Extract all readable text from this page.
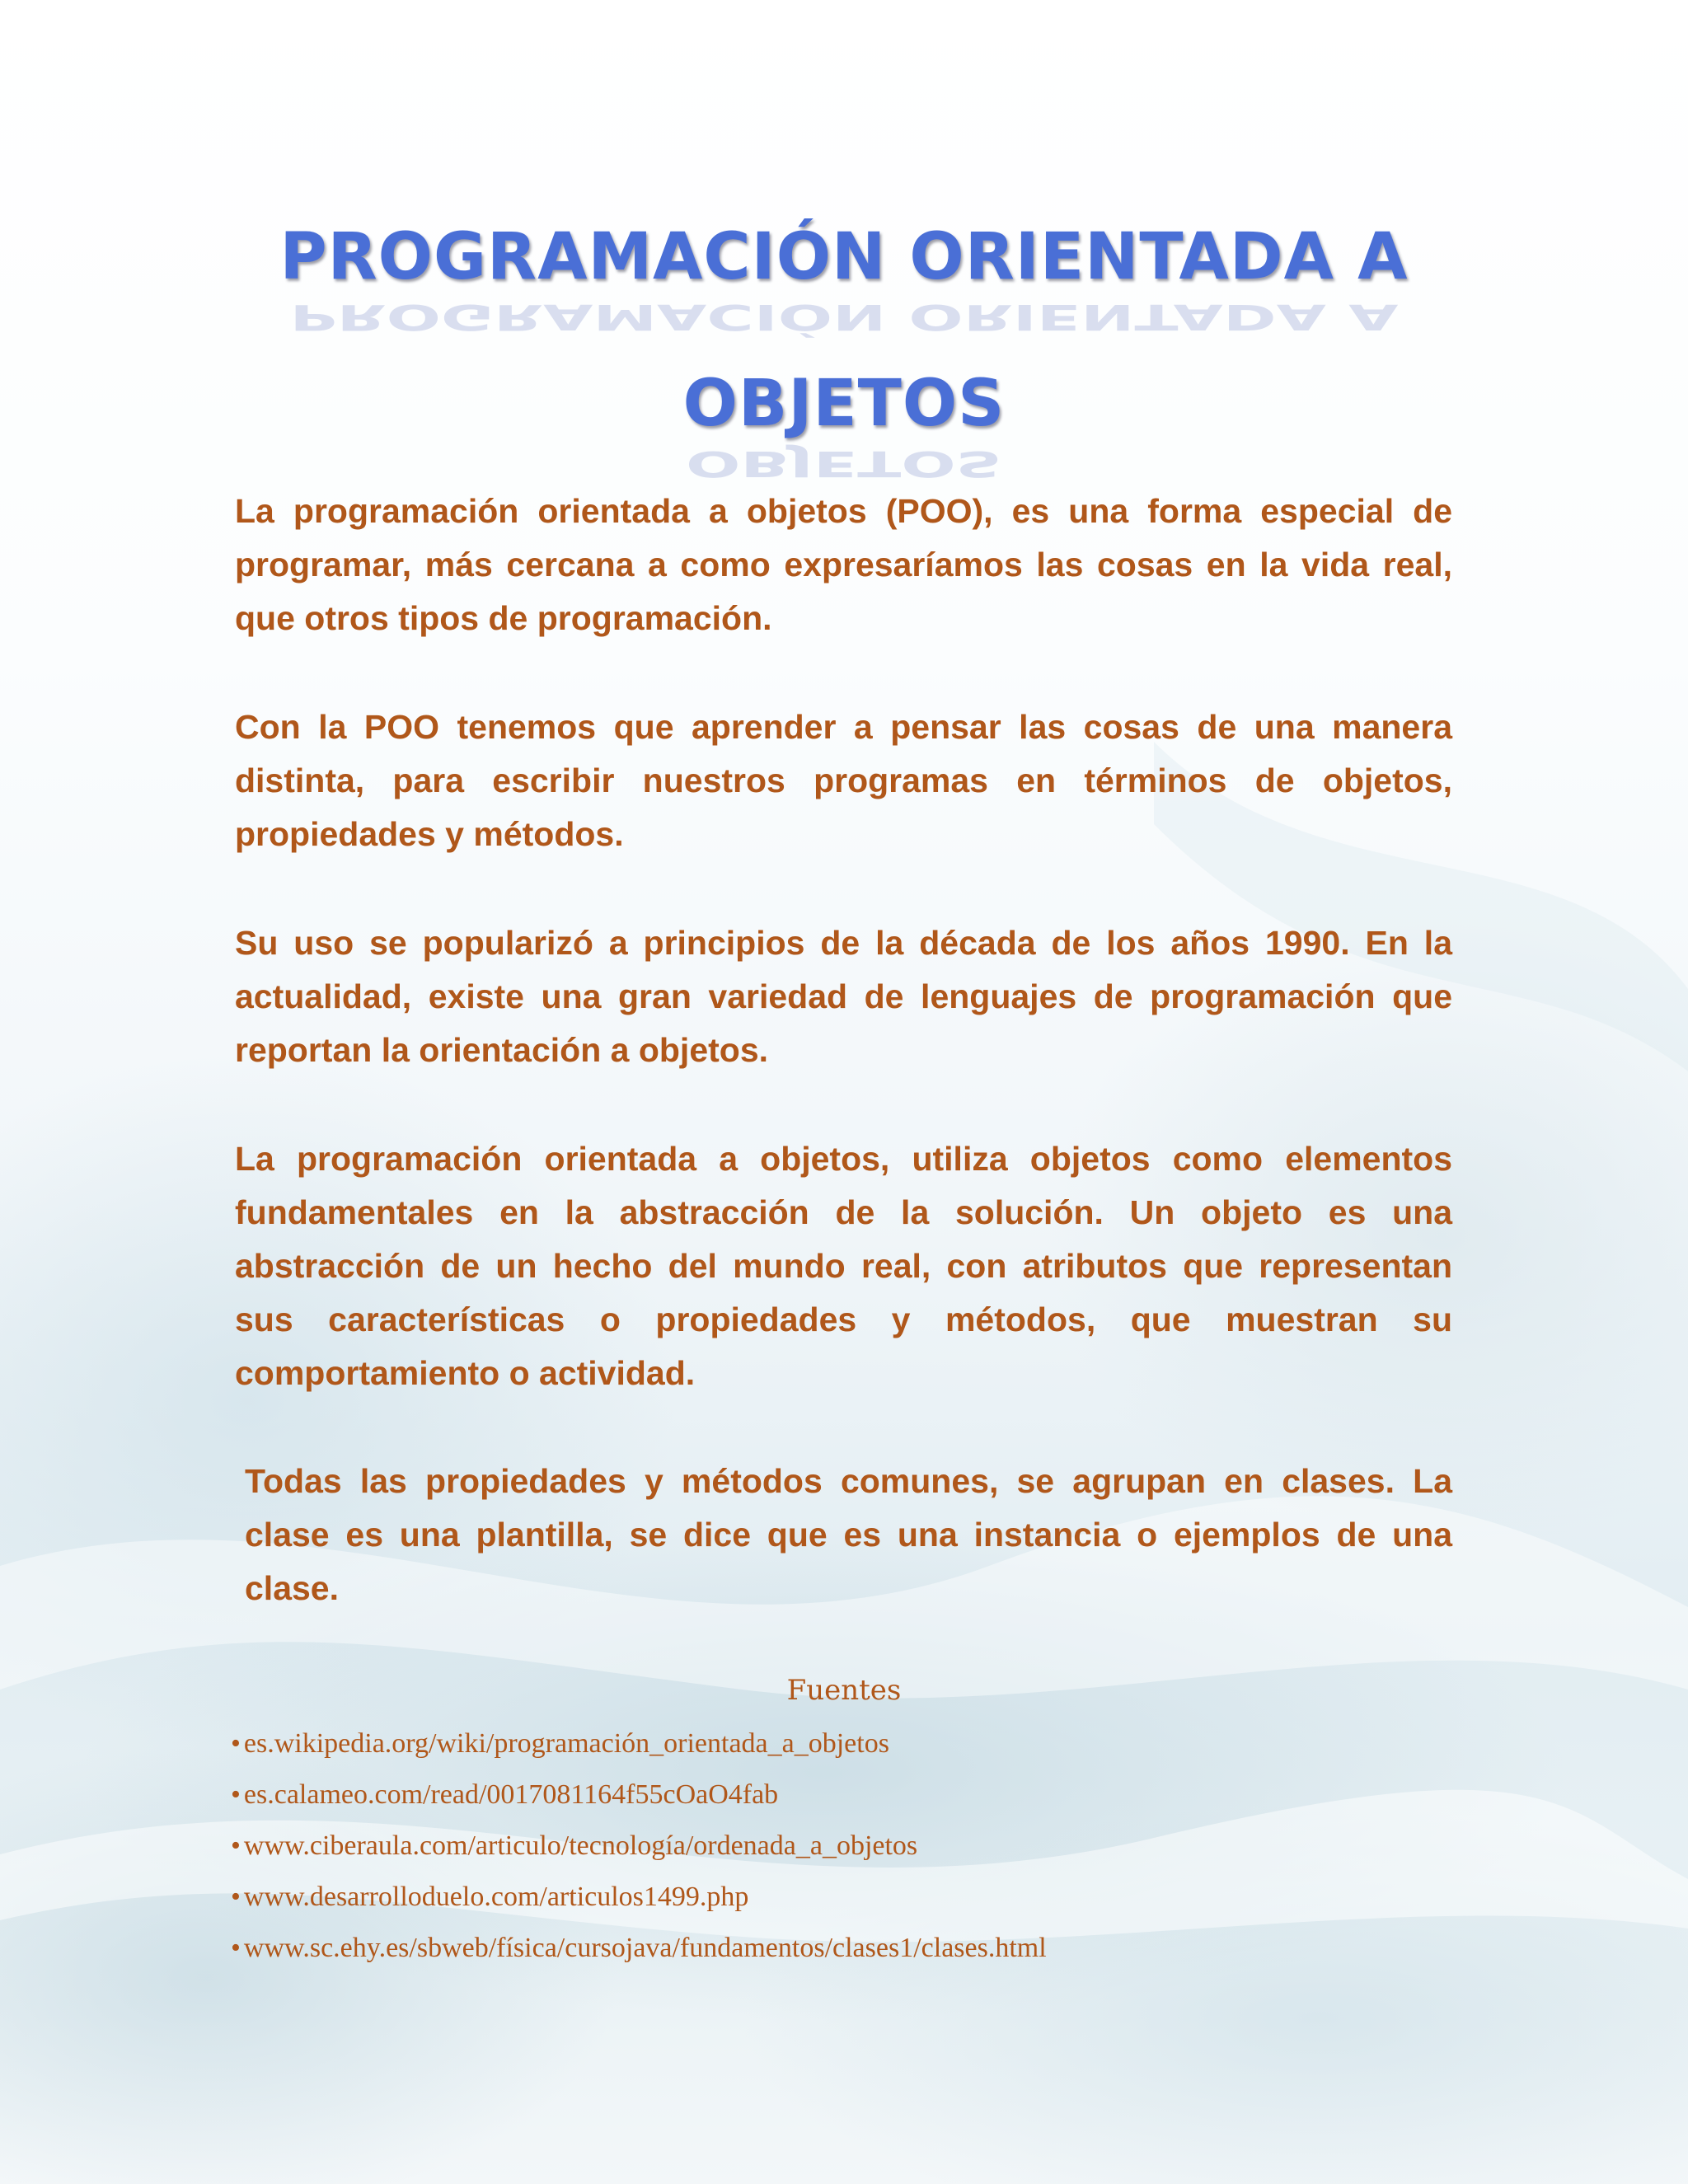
PROGRAMACIÓN ORIENTADA A
PROGRAMACIÓN ORIENTADA A
OBJETOS
OBJETOS

La programación orientada a objetos (POO), es una forma especial de programar, más cercana a como expresaríamos las cosas en la vida real, que otros tipos de programación.

Con la POO tenemos que aprender a pensar las cosas de una manera distinta, para escribir nuestros programas en términos de objetos, propiedades y métodos.

Su uso se popularizó a principios de la década de los años 1990. En la actualidad, existe una gran variedad de lenguajes de programación que reportan la orientación a objetos.

La programación orientada a objetos, utiliza objetos como elementos fundamentales en la abstracción de la solución. Un objeto es una abstracción de un hecho del mundo real, con atributos que representan sus características o propiedades y métodos, que muestran su comportamiento o actividad.

Todas las propiedades y métodos comunes, se agrupan en clases. La clase es una plantilla, se dice que es una instancia o ejemplos de una clase.

Fuentes

• es.wikipedia.org/wiki/programación_orientada_a_objetos
• es.calameo.com/read/0017081164f55cOaO4fab
• www.ciberaula.com/articulo/tecnología/ordenada_a_objetos
• www.desarrolloduelo.com/articulos1499.php
• www.sc.ehy.es/sbweb/física/cursojava/fundamentos/clases1/clases.html
